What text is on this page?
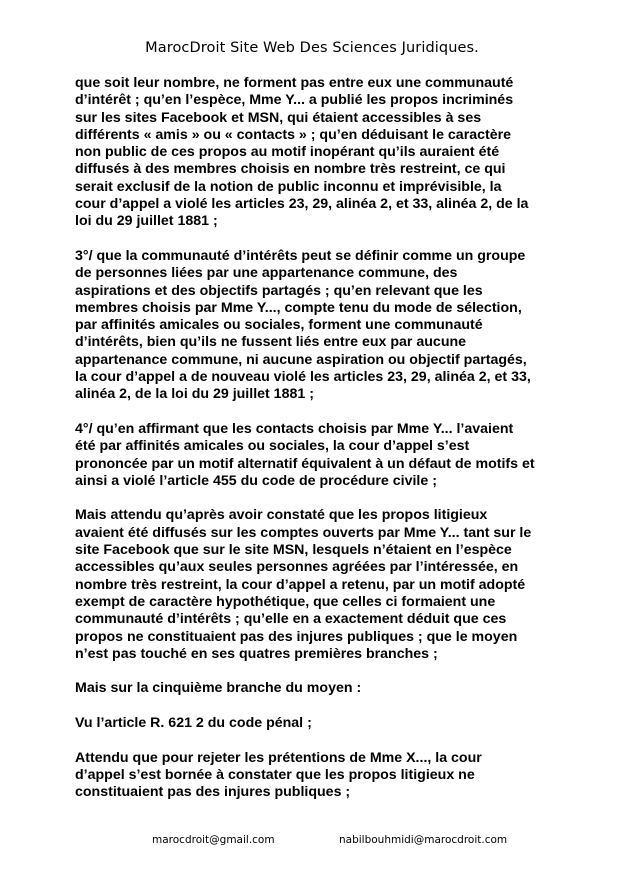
MarocDroit Site Web Des Sciences Juridiques.

que soit leur nombre, ne forment pas entre eux une communauté
d’intérêt ; qu’en l’espèce, Mme Y... a publié les propos incriminés
sur les sites Facebook et MSN, qui étaient accessibles à ses
différents « amis » ou « contacts » ; qu’en déduisant le caractère
non public de ces propos au motif inopérant qu’ils auraient été
diffusés à des membres choisis en nombre très restreint, ce qui
serait exclusif de la notion de public inconnu et imprévisible, la
cour d’appel a violé les articles 23, 29, alinéa 2, et 33, alinéa 2, de la
loi du 29 juillet 1881 ;

3°/ que la communauté d’intérêts peut se définir comme un groupe
de personnes liées par une appartenance commune, des
aspirations et des objectifs partagés ; qu’en relevant que les
membres choisis par Mme Y..., compte tenu du mode de sélection,
par affinités amicales ou sociales, forment une communauté
d’intérêts, bien qu’ils ne fussent liés entre eux par aucune
appartenance commune, ni aucune aspiration ou objectif partagés,
la cour d’appel a de nouveau violé les articles 23, 29, alinéa 2, et 33,
alinéa 2, de la loi du 29 juillet 1881 ;

4°/ qu’en affirmant que les contacts choisis par Mme Y... l’avaient
été par affinités amicales ou sociales, la cour d’appel s’est
prononcée par un motif alternatif équivalent à un défaut de motifs et
ainsi a violé l’article 455 du code de procédure civile ;

Mais attendu qu’après avoir constaté que les propos litigieux
avaient été diffusés sur les comptes ouverts par Mme Y... tant sur le
site Facebook que sur le site MSN, lesquels n’étaient en l’espèce
accessibles qu’aux seules personnes agréées par l’intéressée, en
nombre très restreint, la cour d’appel a retenu, par un motif adopté
exempt de caractère hypothétique, que celles ci formaient une
communauté d’intérêts ; qu’elle en a exactement déduit que ces
propos ne constituaient pas des injures publiques ; que le moyen
n’est pas touché en ses quatres premières branches ;

Mais sur la cinquième branche du moyen :

Vu l’article R. 621 2 du code pénal ;

Attendu que pour rejeter les prétentions de Mme X..., la cour
d’appel s’est bornée à constater que les propos litigieux ne
constituaient pas des injures publiques ;

marocdroit@gmail.com	nabilbouhmidi@marocdroit.com
